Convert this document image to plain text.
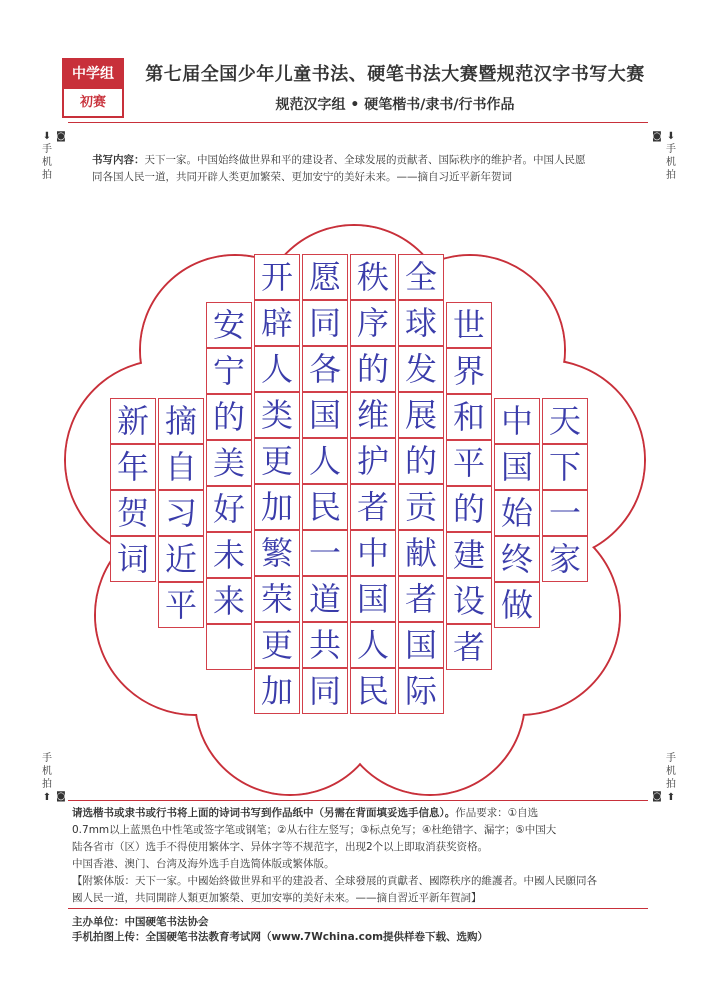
中学组
初赛
第七届全国少年儿童书法、硬笔书法大赛暨规范汉字书写大赛
规范汉字组 • 硬笔楷书/隶书/行书作品
⬇
手机拍
◙	◙ ⬇
手机拍
书写内容：天下一家。中国始终做世界和平的建设者、全球发展的贡献者、国际秩序的维护者。中国人民愿
同各国人民一道，共同开辟人类更加繁荣、更加安宁的美好未来。——摘自习近平新年贺词
天
下
一
家
中
国
始
终
做
世
界
和
平
的
建
设
者
全
球
发
展
的
贡
献
者
国
际
秩
序
的
维
护
者
中
国
人
民
愿
同
各
国
人
民
一
道
共
同
开
辟
人
类
更
加
繁
荣
更
加
安
宁
的
美
好
未
来
摘
自
习
近
平
新
年
贺
词
手机拍
⬆ ◙	◙
手机拍
⬆
请选楷书或隶书或行书将上面的诗词书写到作品纸中（另需在背面填妥选手信息）。作品要求：①自选
0.7mm以上蓝黑色中性笔或签字笔或钢笔；②从右往左竖写；③标点免写；④杜绝错字、漏字；⑤中国大
陆各省市（区）选手不得使用繁体字、异体字等不规范字，出现2个以上即取消获奖资格。
中国香港、澳门、台湾及海外选手自选简体版或繁体版。
【附繁体版：天下一家。中國始終做世界和平的建設者、全球發展的貢獻者、國際秩序的維護者。中國人民願同各
國人民一道，共同開辟人類更加繁榮、更加安寧的美好未來。——摘自習近平新年賀詞】
主办单位：中国硬笔书法协会 手机拍图上传：全国硬笔书法教育考试网（www.7Wchina.com提供样卷下载、选购）
